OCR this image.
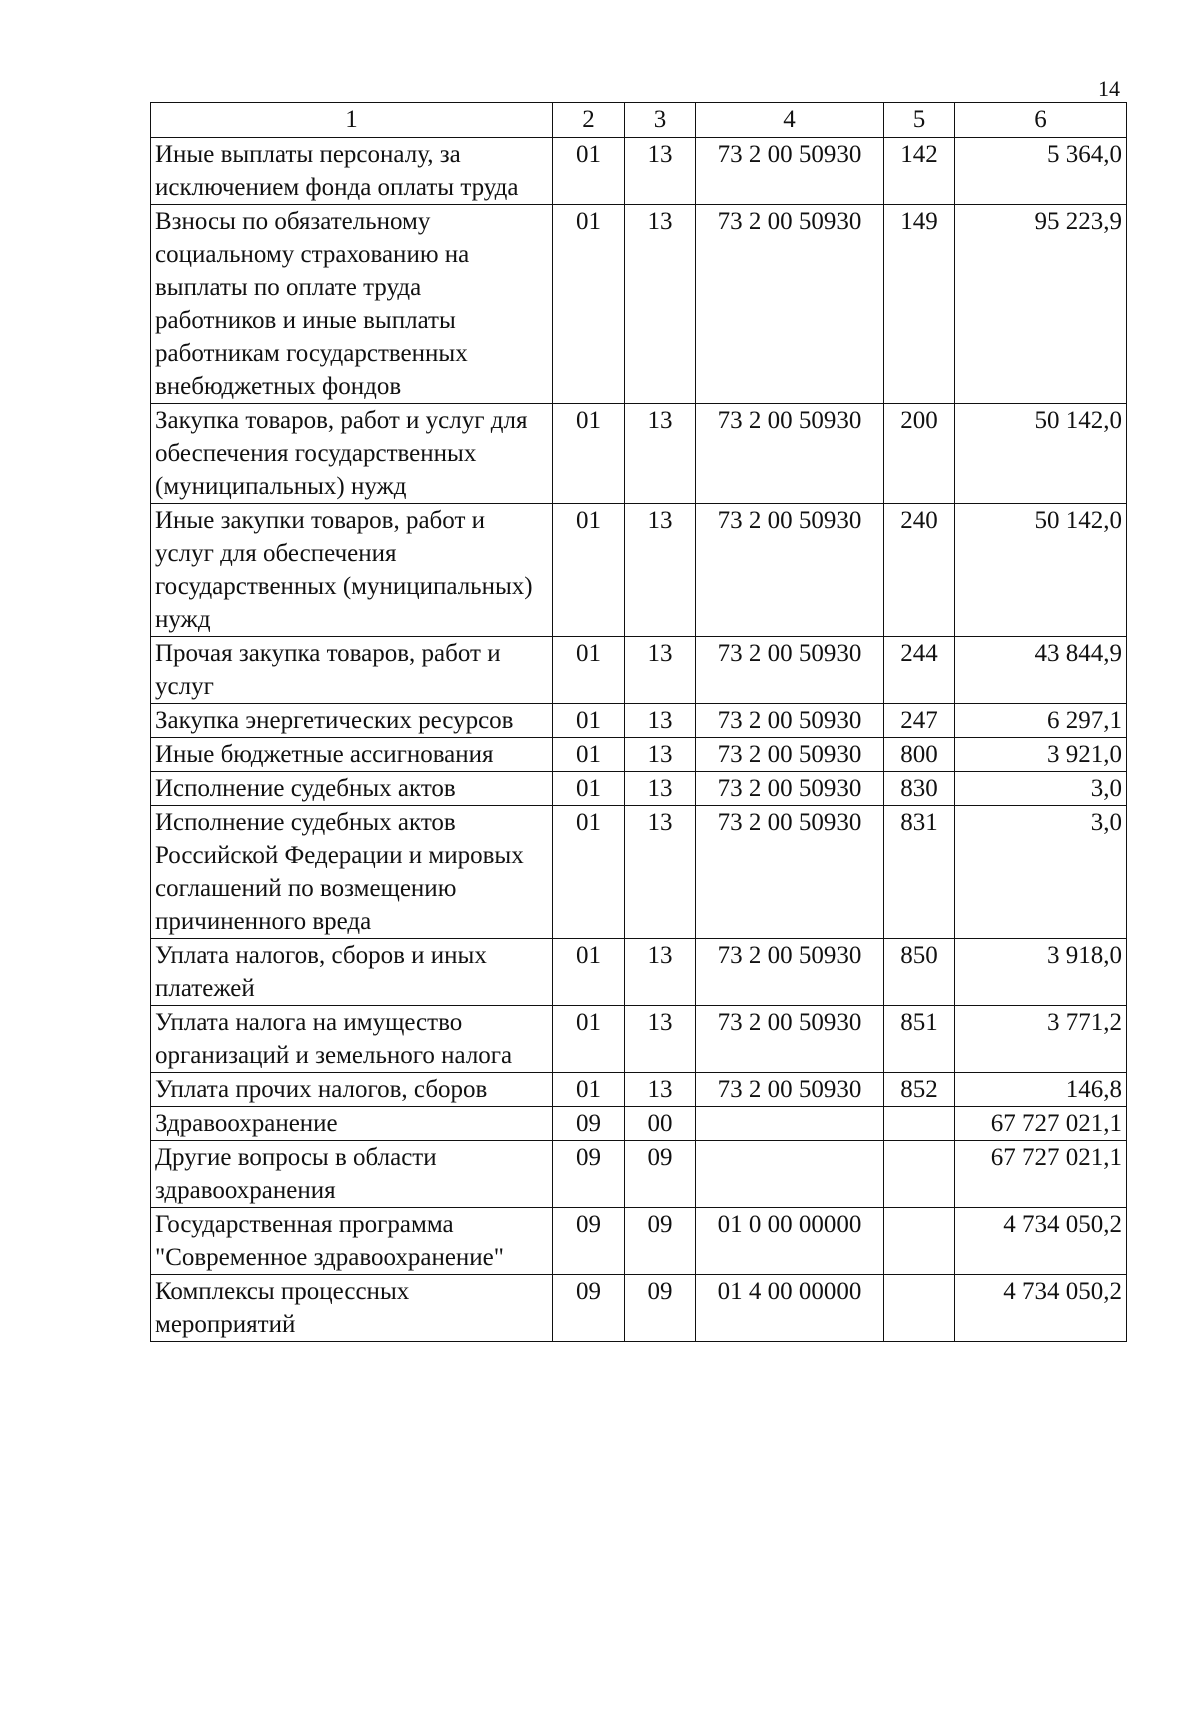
14
1	2	3	4	5	6
Иные выплаты персоналу, за исключением фонда оплаты труда	01	13	73 2 00 50930	142	5 364,0
Взносы по обязательному социальному страхованию на выплаты по оплате труда работников и иные выплаты работникам государственных внебюджетных фондов	01	13	73 2 00 50930	149	95 223,9
Закупка товаров, работ и услуг для обеспечения государственных (муниципальных) нужд	01	13	73 2 00 50930	200	50 142,0
Иные закупки товаров, работ и услуг для обеспечения государственных (муниципальных) нужд	01	13	73 2 00 50930	240	50 142,0
Прочая закупка товаров, работ и услуг	01	13	73 2 00 50930	244	43 844,9
Закупка энергетических ресурсов	01	13	73 2 00 50930	247	6 297,1
Иные бюджетные ассигнования	01	13	73 2 00 50930	800	3 921,0
Исполнение судебных актов	01	13	73 2 00 50930	830	3,0
Исполнение судебных актов Российской Федерации и мировых соглашений по возмещению причиненного вреда	01	13	73 2 00 50930	831	3,0
Уплата налогов, сборов и иных платежей	01	13	73 2 00 50930	850	3 918,0
Уплата налога на имущество организаций и земельного налога	01	13	73 2 00 50930	851	3 771,2
Уплата прочих налогов, сборов	01	13	73 2 00 50930	852	146,8
Здравоохранение	09	00			67 727 021,1
Другие вопросы в области здравоохранения	09	09			67 727 021,1
Государственная программа "Современное здравоохранение"	09	09	01 0 00 00000		4 734 050,2
Комплексы процессных мероприятий	09	09	01 4 00 00000		4 734 050,2
